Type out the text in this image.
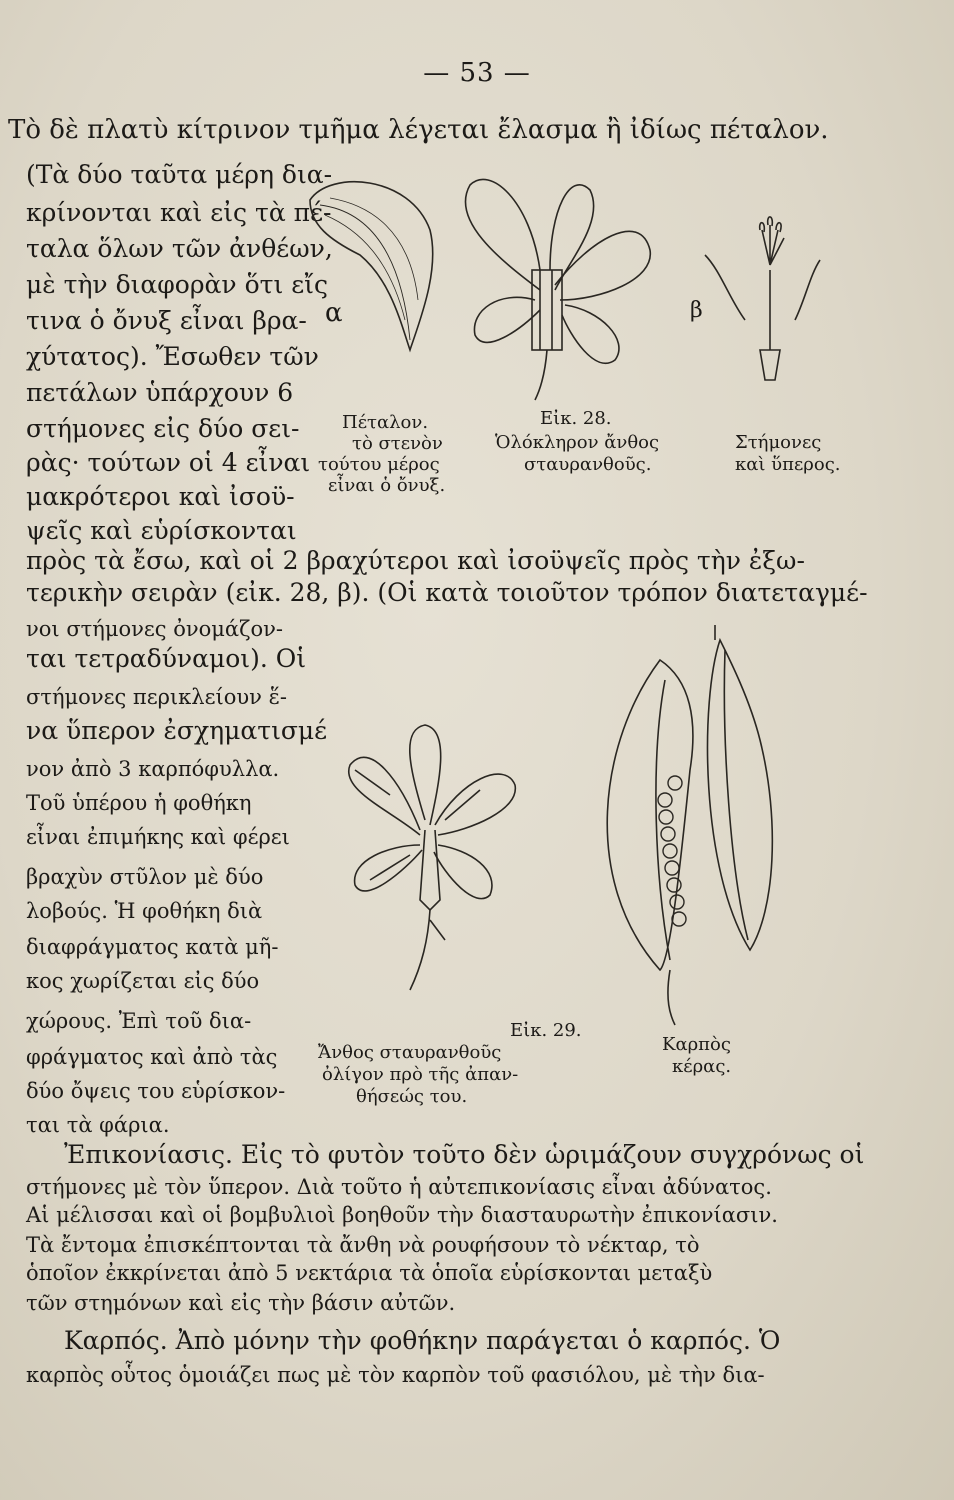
— 53 —
Τὸ δὲ πλατὺ κίτρινον τμῆμα λέγεται ἔλασμα ἢ ἰδίως πέταλον.
(Τὰ δύο ταῦτα μέρη δια-
κρίνονται καὶ εἰς τὰ πέ-
ταλα ὅλων τῶν ἀνθέων,
μὲ τὴν διαφορὰν ὅτι εἴς
τινα ὁ ὄνυξ εἶναι βρα-
χύτατος). Ἔσωθεν τῶν
πετάλων ὑπάρχουν 6
στήμονες εἰς δύο σει-
ρὰς· τούτων οἱ 4 εἶναι
μακρότεροι καὶ ἰσοϋ-
ψεῖς καὶ εὑρίσκονται
α	β
Εἰκ. 28.
Πέταλον.
τὸ στενὸν
τούτου μέρος
εἶναι ὁ ὄνυξ.
Ὁλόκληρον ἄνθος
σταυρανθοῦς.
Στήμονες
καὶ ὕπερος.
πρὸς τὰ ἔσω, καὶ οἱ 2 βραχύτεροι καὶ ἰσοϋψεῖς πρὸς τὴν ἐξω-
τερικὴν σειρὰν (εἰκ. 28, β). (Οἱ κατὰ τοιοῦτον τρόπον διατεταγμέ-
νοι στήμονες ὀνομάζον-
ται τετραδύναμοι). Οἱ
στήμονες περικλείουν ἕ-
να ὕπερον ἐσχηματισμέ
νον ἀπὸ 3 καρπόφυλλα.
Τοῦ ὑπέρου ἡ φοθήκη
εἶναι ἐπιμήκης καὶ φέρει
βραχὺν στῦλον μὲ δύο
λοβούς. Ἡ φοθήκη διὰ
διαφράγματος κατὰ μῆ-
κος χωρίζεται εἰς δύο
χώρους. Ἐπὶ τοῦ δια-
φράγματος καὶ ἀπὸ τὰς
δύο ὄψεις του εὑρίσκον-
ται τὰ φάρια.
Εἰκ. 29.
Ἄνθος σταυρανθοῦς
ὀλίγον πρὸ τῆς ἀπαν-
θήσεώς του.
Καρπὸς
κέρας.
Ἐπικονίασις. Εἰς τὸ φυτὸν τοῦτο δὲν ὡριμάζουν συγχρόνως οἱ
στήμονες μὲ τὸν ὕπερον. Διὰ τοῦτο ἡ αὐτεπικονίασις εἶναι ἀδύνατος.
Αἱ μέλισσαι καὶ οἱ βομβυλιοὶ βοηθοῦν τὴν διασταυρωτὴν ἐπικονίασιν.
Τὰ ἔντομα ἐπισκέπτονται τὰ ἄνθη νὰ ρουφήσουν τὸ νέκταρ, τὸ
ὁποῖον ἐκκρίνεται ἀπὸ 5 νεκτάρια τὰ ὁποῖα εὑρίσκονται μεταξὺ
τῶν στημόνων καὶ εἰς τὴν βάσιν αὐτῶν.
Καρπός. Ἀπὸ μόνην τὴν φοθήκην παράγεται ὁ καρπός. Ὁ
καρπὸς οὗτος ὁμοιάζει πως μὲ τὸν καρπὸν τοῦ φασιόλου, μὲ τὴν δια-
